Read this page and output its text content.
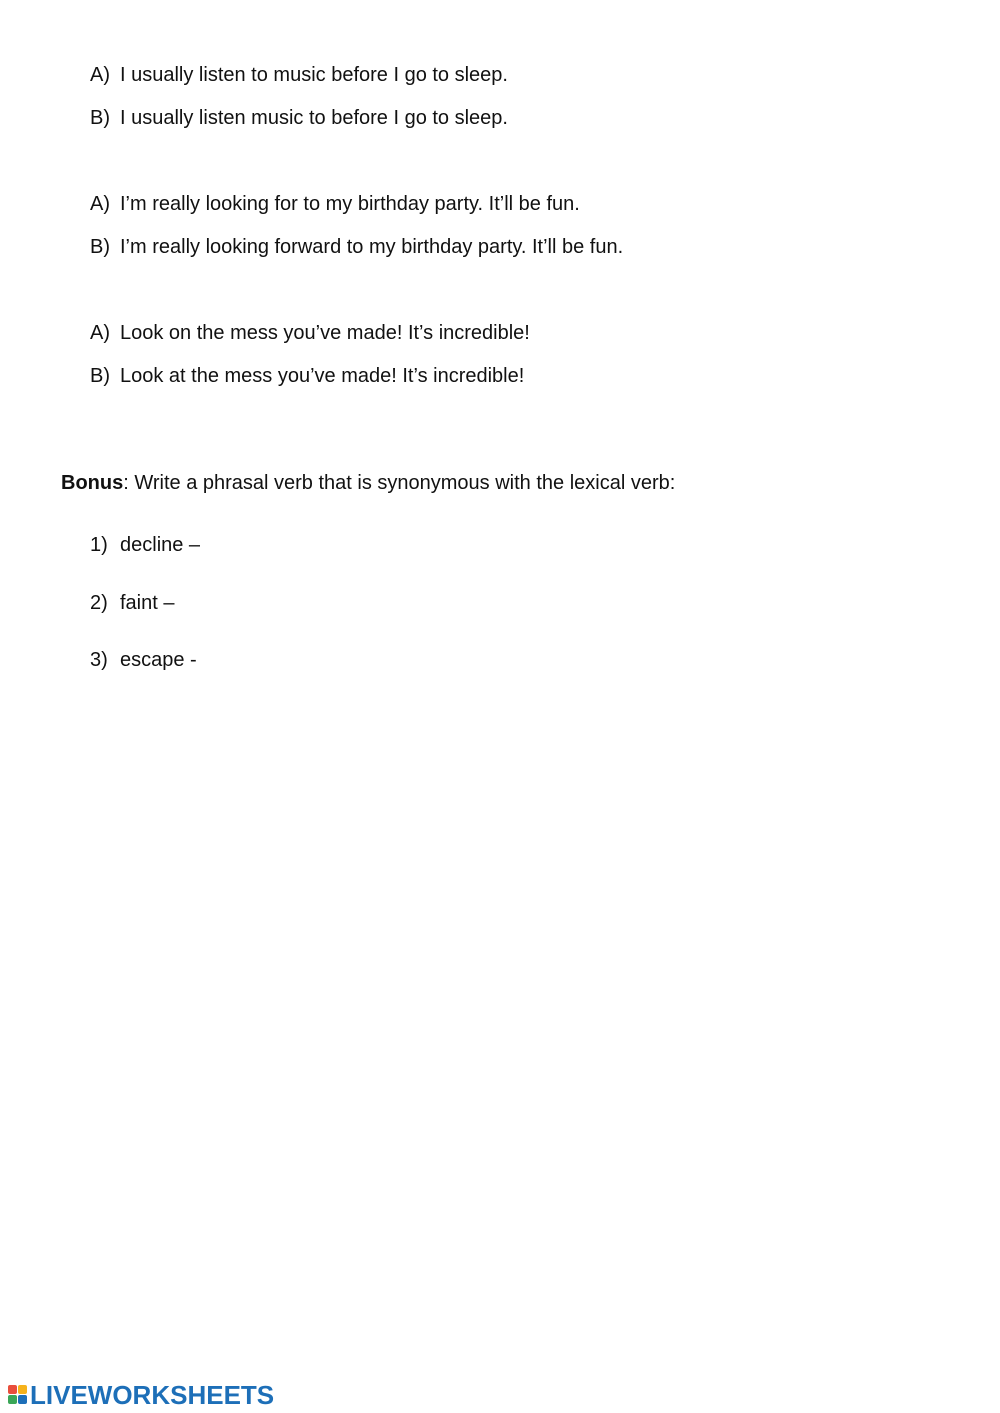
A) I usually listen to music before I go to sleep.
B) I usually listen music to before I go to sleep.
A) I’m really looking for to my birthday party. It’ll be fun.
B) I’m really looking forward to my birthday party. It’ll be fun.
A) Look on the mess you’ve made! It’s incredible!
B) Look at the mess you’ve made! It’s incredible!
Bonus: Write a phrasal verb that is synonymous with the lexical verb:
1) decline –
2) faint –
3) escape -
LIVEWORKSHEETS
